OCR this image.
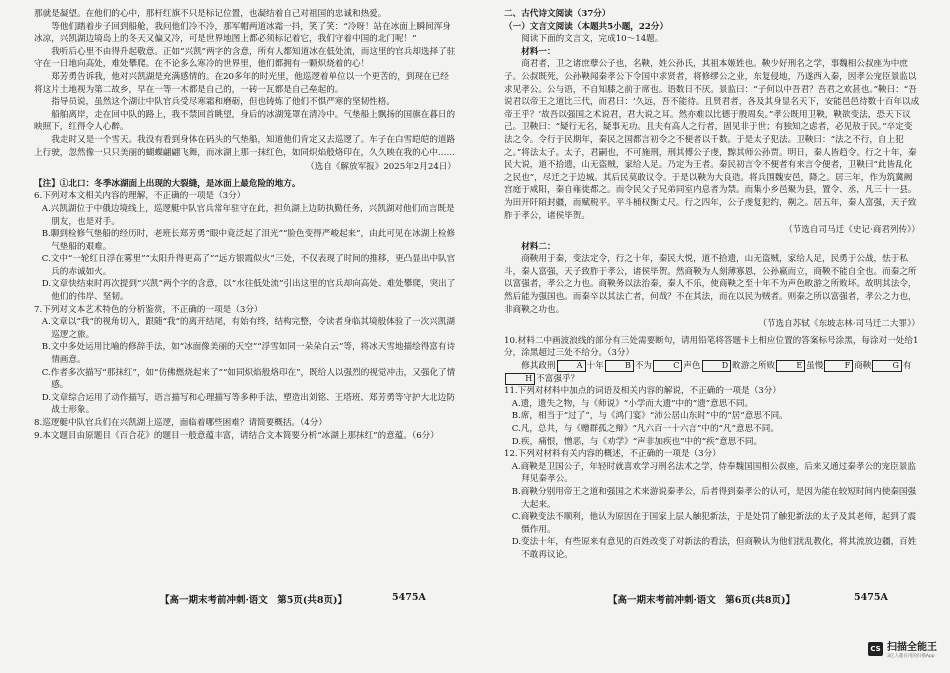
那就是凝望。在他们的心中，那杆红旗不只是标记位置，也凝结着自己对祖国的忠诚和热爱。

等他们踏着步子回到船舱，我问他们冷不冷，那军帽两道冰霜一抖，笑了笑：“冷呀！站在冰面上瞬间浑身冰凉，兴凯湖边境岛上的冬天又偏又冷，可是世界地图上都必须标记着它，我们守着中国的北门呢！”

我听后心里不由得升起敬意。正如“兴凯”两字的含意，所有人都知道冰在低处流，而这里的官兵却选择了驻守在一日地向高处，难处攀爬。在不论多么寒冷的世界里，他们都拥有一颗炽烧着的心！

郑芳勇告诉我，他对兴凯湖是充满感情的。在20多年的时光里，他巡逻着单位以一个更苦的，到现在已经将这片土地视为第二故乡，早在一等一木都是自己的，一砖一瓦都是自己垒起的。

指导员说，虽然这个湖让中队官兵受尽寒霜和磨砺，但也铸炼了他们不惧严寒的坚韧性格。

船舶离岸，走在回中队的路上，我不禁回首眺望，身后的冰湖笼罩在清冷中。气垫船上飘扬的国旗在暮日的映照下，红得令人心醉。

我走时又是一个雪天。我没有看到身体在码头的气垫船，知道他们肯定又去巡逻了。车子在白雪皑皑的道路上行驶，忽然像一只只美丽的蝴蝶翩翩飞舞，而冰湖上那一抹红色，如同炽焰般烙印在，久久映在我的心中……

（选自《解放军报》2025年2月24日）

【注】①北口：冬季冰湖面上出现的大裂缝，是冰面上最危险的地方。

6.下列对本文相关内容的理解，不正确的一项是（3分）

A.兴凯湖位于中俄边境线上，巡逻艇中队官兵常年驻守在此，担负湖上边防执勤任务，兴凯湖对他们而言既是朋友，也是对手。

B.聊到检修气垫船的经历时，老班长郑芳勇“眼中竟泛起了泪光”“脸色变得严峻起来”，由此可见在冰湖上检修气垫船的艰难。

C.文中“一轮红日浮在雾里”“太阳升得更高了”“远方银霞似火”三处，不仅表现了时间的推移，更凸显出中队官兵的赤诚如火。

D.文章快结束时再次提到“兴凯”两个字的含意，以“水往低处流”引出这里的官兵却向高处、难处攀爬，突出了他们的伟岸、坚韧。

7.下列对文本艺术特色的分析鉴赏，不正确的一项是（3分）

A.文章以“我”的视角切入，跟随“我”的离开结尾，有始有终，结构完整，令读者身临其境般体验了一次兴凯湖巡逻之旅。

B.文中多处运用比喻的修辞手法，如“冰面像美丽的天空”“浮雪如同一朵朵白云”等，将冰天雪地描绘得富有诗情画意。

C.作者多次描写“那抹红”，如“仿佛燃烧起来了”“如同炽焰般烙印在”，既给人以强烈的视觉冲击，又强化了情感。

D.文章综合运用了动作描写，语言描写和心理描写等多种手法，塑造出刘铭、王塔班、郑芳勇等守护大北边防战士形象。

8.巡逻艇中队官兵们在兴凯湖上巡逻，面临着哪些困难？请简要概括。（4分）

9.本文题目由原题目《百合花》的题目一般意蕴丰富，请结合文本简要分析“冰湖上那抹红”的意蕴。（6分）

【高一期末考前冲刺·语文　第5页(共8页)】	5475A

二、古代诗文阅读（37分）

（一）文言文阅读（本题共5小题，22分）

阅读下面的文言文，完成10～14题。

材料一：

商君者，卫之诸庶孽公子也，名鞅，姓公孙氏，其祖本姬姓也。鞅少好刑名之学，事魏相公叔座为中庶子。公叔既死，公孙鞅闻秦孝公下令国中求贤者，将修缪公之业，东复侵地，乃遂西入秦，因孝公宠臣景监以求见孝公。公与语，不自知膝之前于席也。语数日不厌。景监曰：“子何以中吾君？吾君之欢甚也。”鞅曰：“吾说君以帝王之道比三代，而君曰：‘久远，吾不能待。且贤君者，各及其身显名天下，安能邑邑待数十百年以成帝王乎？’故吾以强国之术说君，君大说之耳。然亦难以比德于殷周矣。”孝公既用卫鞅，鞅欲变法，恐天下议己。卫鞅曰：“疑行无名，疑事无功。且夫有高人之行者，固见非于世；有独知之虑者，必见敖于民。”卒定变法之令。令行于民期年，秦民之国都言初令之不便者以千数。于是太子犯法。卫鞅曰：“法之不行，自上犯之。”将法太子。太子，君嗣也，不可施刑，刑其傅公子虔，黥其师公孙贾。明日，秦人皆趋令。行之十年，秦民大说，道不拾遗，山无盗贼，家给人足。乃定为王者。秦民初言令不便者有来言令便者，卫鞅曰“此皆乱化之民也”，尽迁之于边城。其后民莫敢议令。于是以鞅为大良造。将兵围魏安邑，降之。居三年，作为筑冀阙宫庭于咸阳，秦自雍徙都之。而令民父子兄弟同室内息者为禁。而集小乡邑聚为县，置令、丞，凡三十一县。为田开阡陌封疆，而赋税平。平斗桶权衡丈尺。行之四年，公子虔复犯约，劓之。居五年，秦人富强，天子致胙于孝公，诸侯毕贺。

（节选自司马迁《史记·商君列传》）

材料二：

商鞅用于秦，变法定令，行之十年，秦民大悦，道不拾遗，山无盗贼，家给人足，民勇于公战，怯于私斗，秦人富强，天子致胙于孝公，诸侯毕贺。然商鞅为人刻薄寡恩，公孙嬴而立，商鞅不能自全也。而秦之所以富强者，孝公之力也。商鞅务以法治秦，秦人不乐，使商鞅之至十年不为声色畋游之所败坏。故明其法令，然后能为强国也。而秦卒以其法亡者，何哉？不在其法，而在以民为贼者。则秦之所以富强者，孝公之力也，非商鞅之功也。

（节选自苏轼《东坡志林·司马迁二大罪》）

10.材料二中画波浪线的部分有三处需要断句，请用铅笔将答题卡上相应位置的答案标号涂黑，每涂对一处给1分，涂黑超过三处不给分。（3分）

修其政刑	A 十年	B 不为	C 声色	D 畋游之所败	E 虽慢	F 商鞅	G 有H 不富强乎？

11.下列对材料中加点的词语及相关内容的解说，不正确的一项是（3分）

A.遗，遗失之物，与《师说》“小学而大遗”中的“遗”意思不同。

B.席，相当于“过了”，与《鸿门宴》“沛公居山东时”中的“居”意思不同。

C.凡，总共，与《赠群孤之辩》“凡六百一十六言”中的“凡”意思不同。

D.疾，痛恨，憎恶，与《劝学》“声非加疾也”中的“疾”意思不同。

12.下列对材料有关内容的概述，不正确的一项是（3分）

A.商鞅是卫国公子，年轻时就喜欢学习刑名法术之学，侍奉魏国国相公叔座，后来又通过秦孝公的宠臣景监拜见秦孝公。

B.商鞅分别用帝王之道和强国之术来游说秦孝公，后者得到秦孝公的认可，是因为能在较短时间内使秦国强大起来。

C.商鞅变法不顺利，他认为原因在于国家上层人触犯新法，于是处罚了触犯新法的太子及其老师，起到了震慑作用。

D.变法十年，有些原来有意见的百姓改变了对新法的看法，但商鞅认为他们扰乱教化，将其流放边疆，百姓不敢再议论。

【高一期末考前冲刺·语文　第6页(共8页)】	5475A
CS 扫描全能王
3亿人都在用的扫描App
